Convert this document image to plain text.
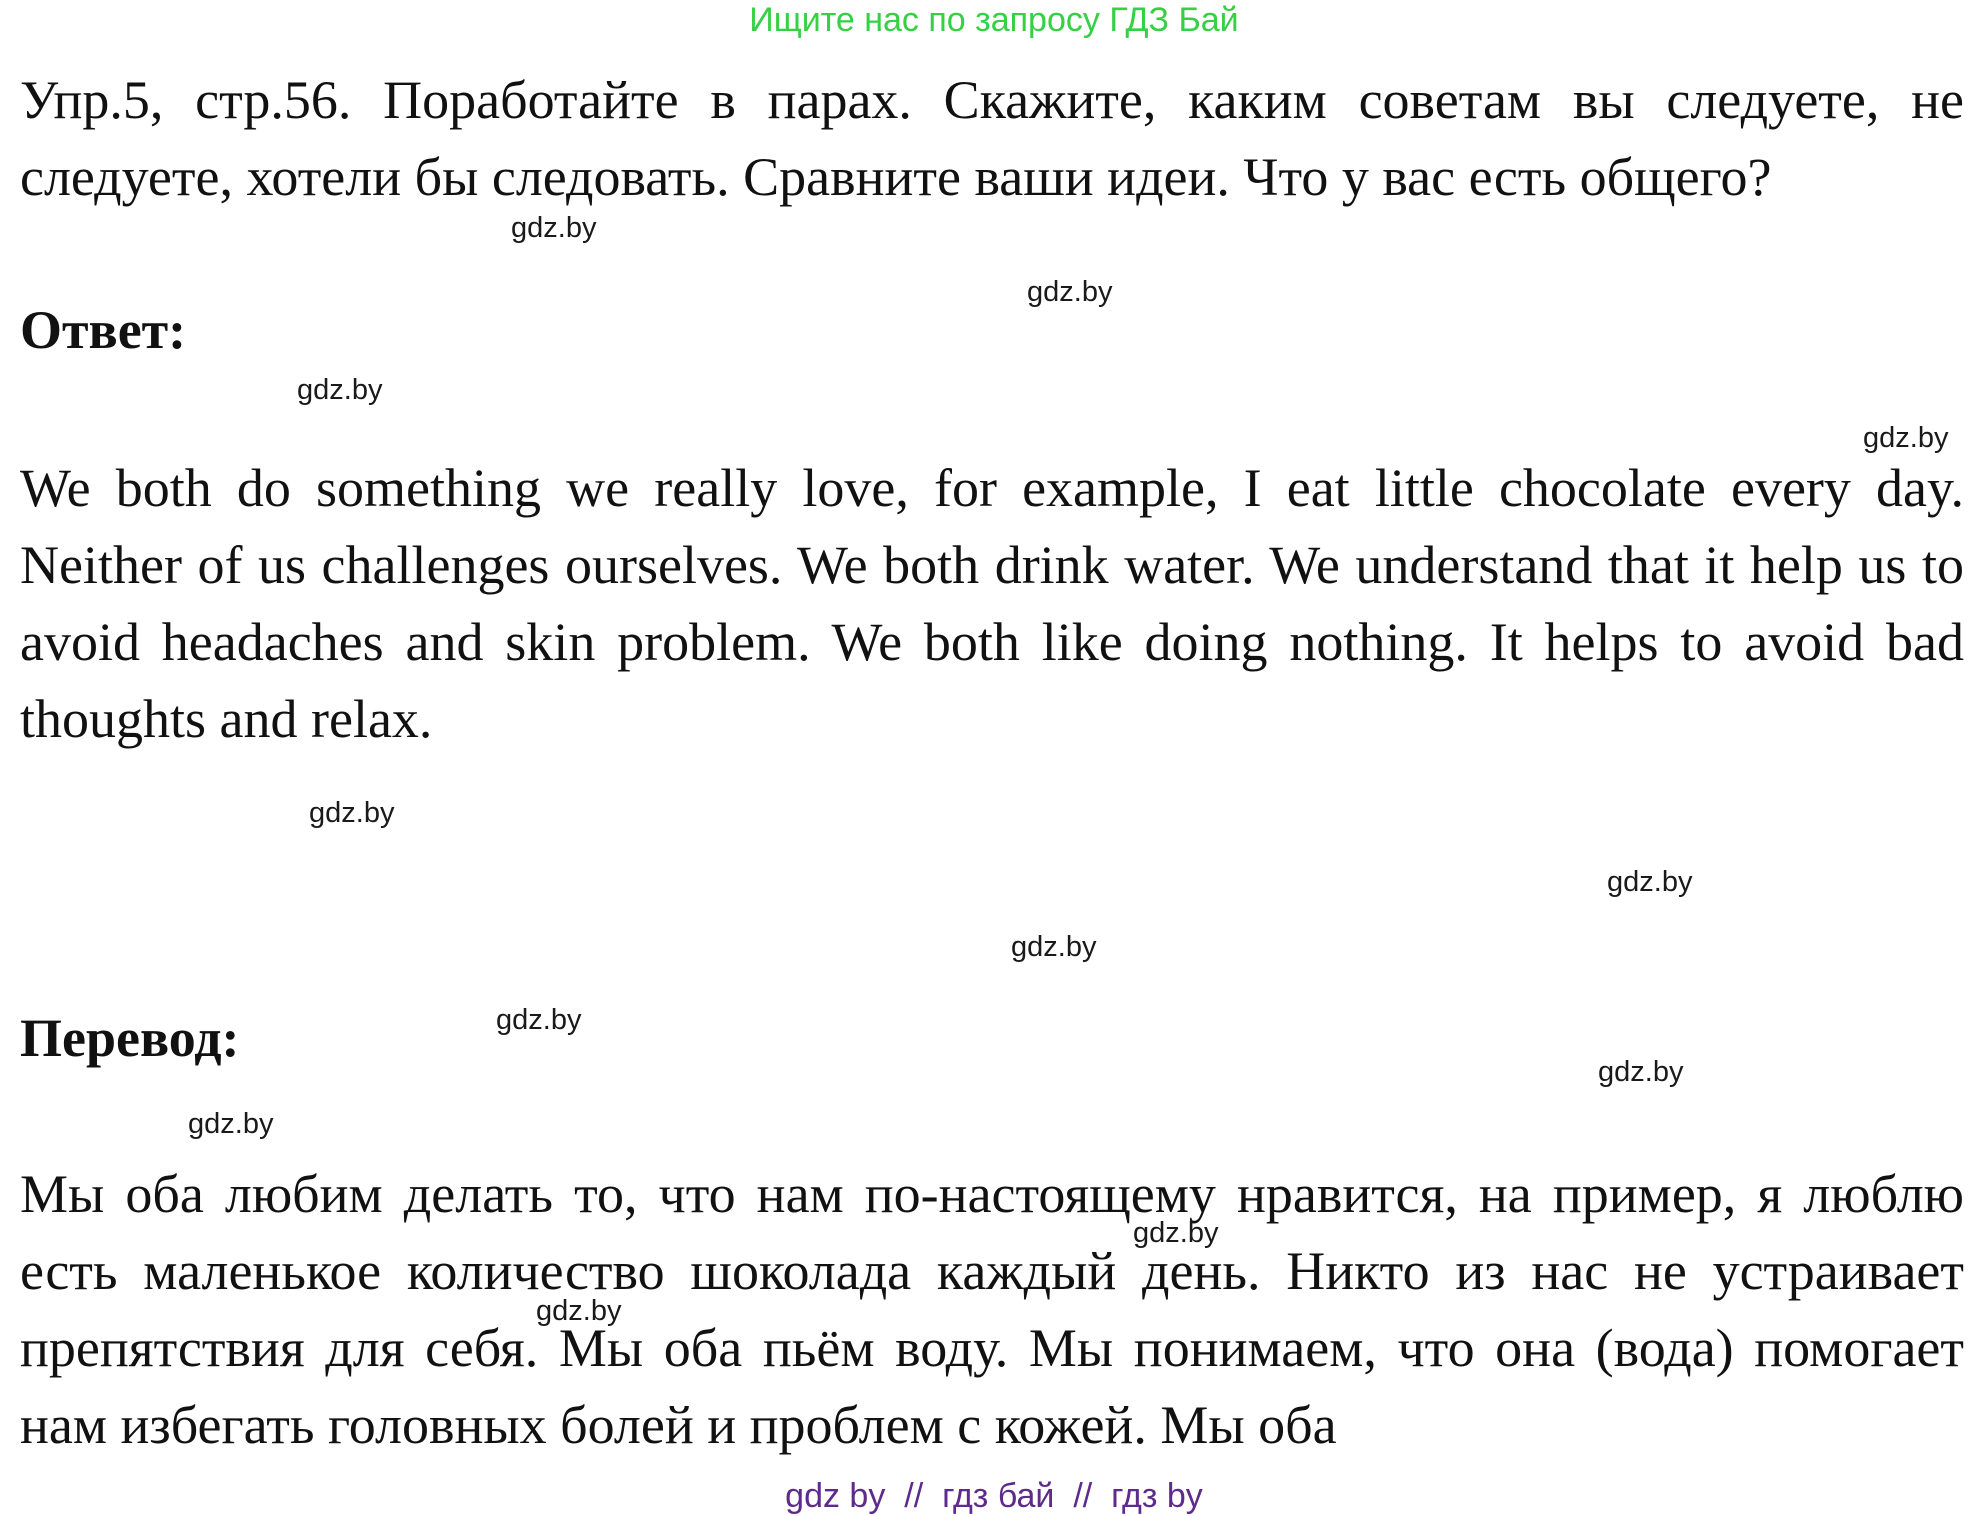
Ищите нас по запросу ГДЗ Бай
Упр.5, стр.56. Поработайте в парах. Скажите, каким советам вы следуете, не следуете, хотели бы следовать. Сравните ваши идеи. Что у вас есть общего?
Ответ:
We both do something we really love, for example, I eat little chocolate every day. Neither of us challenges ourselves. We both drink water. We understand that it help us to avoid headaches and skin problem. We both like doing nothing. It helps to avoid bad thoughts and relax.
Перевод:
Мы оба любим делать то, что нам по-настоящему нравится, на пример, я люблю есть маленькое количество шоколада каждый день. Никто из нас не устраивает препятствия для себя. Мы оба пьём воду. Мы понимаем, что она (вода) помогает нам избегать головных болей и проблем с кожей. Мы оба
gdz.by
gdz.by
gdz.by
gdz.by
gdz.by
gdz.by
gdz.by
gdz.by
gdz.by
gdz.by
gdz.by
gdz.by
gdz by // гдз бай // гдз by
